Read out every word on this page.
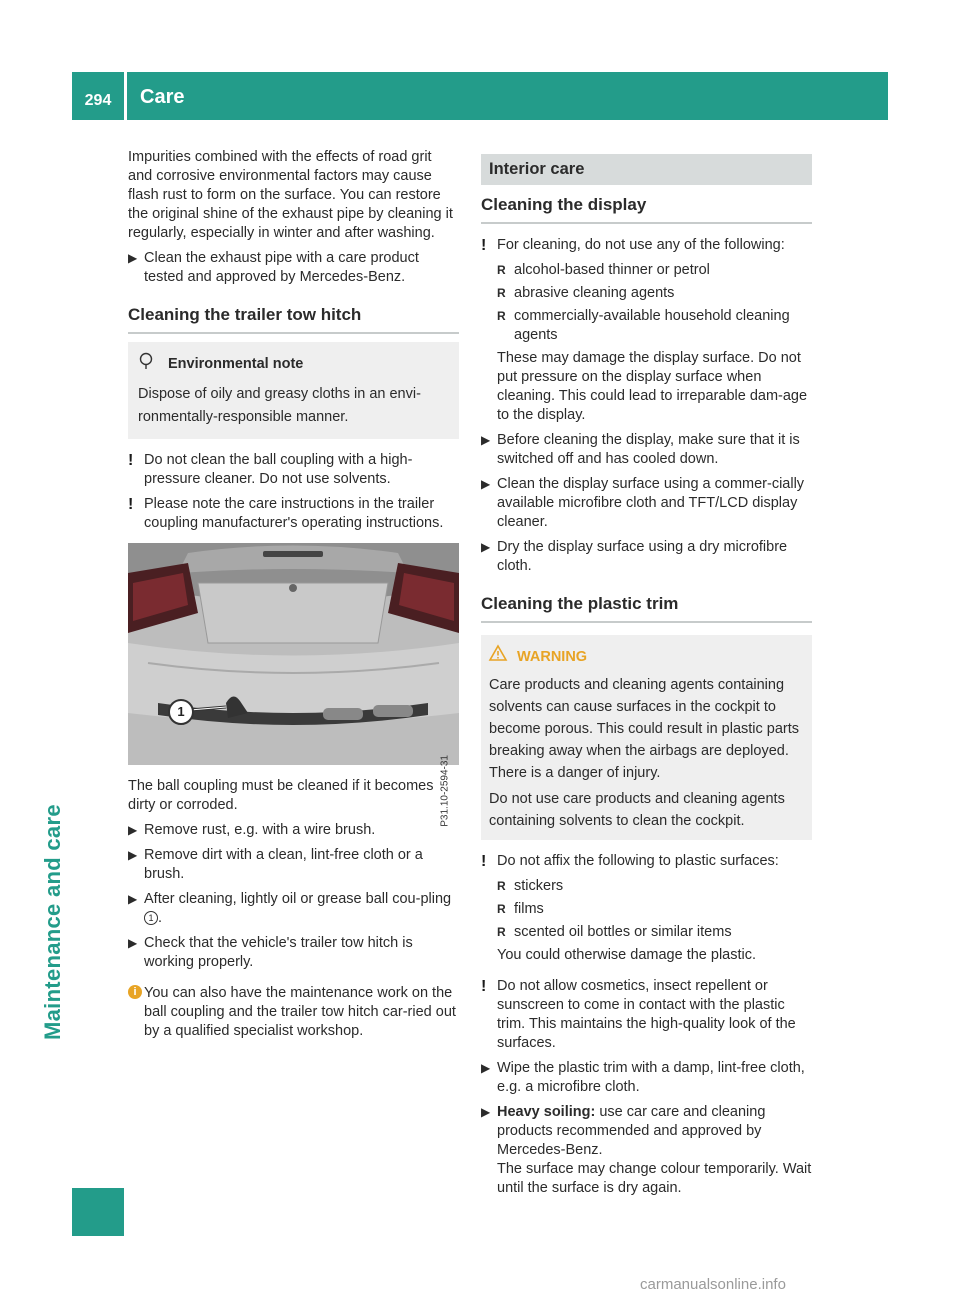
294	Care
Maintenance and care

Impurities combined with the effects of road grit and corrosive environmental factors may cause flash rust to form on the surface. You can restore the original shine of the exhaust pipe by cleaning it regularly, especially in winter and after washing.

▶ Clean the exhaust pipe with a care product tested and approved by Mercedes-Benz.
Cleaning the trailer tow hitch
Environmental note
Dispose of oily and greasy cloths in an envi-ronmentally-responsible manner.
! Do not clean the ball coupling with a high-pressure cleaner. Do not use solvents.
! Please note the care instructions in the trailer coupling manufacturer's operating instructions.
1
P31.10-2594-31

The ball coupling must be cleaned if it becomes dirty or corroded.

▶ Remove rust, e.g. with a wire brush.
▶ Remove dirt with a clean, lint-free cloth or a brush.
▶ After cleaning, lightly oil or grease ball cou-pling 1 .
▶ Check that the vehicle's trailer tow hitch is working properly.
i You can also have the maintenance work on the ball coupling and the trailer tow hitch car-ried out by a qualified specialist workshop.
Interior care
Cleaning the display
! For cleaning, do not use any of the following:
R alcohol-based thinner or petrol
R abrasive cleaning agents
R commercially-available household cleaning agents

These may damage the display surface. Do not put pressure on the display surface when cleaning. This could lead to irreparable dam-age to the display.

▶ Before cleaning the display, make sure that it is switched off and has cooled down.
▶ Clean the display surface using a commer-cially available microfibre cloth and TFT/LCD display cleaner.
▶ Dry the display surface using a dry microfibre cloth.
Cleaning the plastic trim
WARNING

Care products and cleaning agents containing solvents can cause surfaces in the cockpit to become porous. This could result in plastic parts breaking away when the airbags are deployed. There is a danger of injury.

Do not use care products and cleaning agents containing solvents to clean the cockpit.

! Do not affix the following to plastic surfaces:
R stickers
R films
R scented oil bottles or similar items

You could otherwise damage the plastic.

! Do not allow cosmetics, insect repellent or sunscreen to come in contact with the plastic trim. This maintains the high-quality look of the surfaces.
▶ Wipe the plastic trim with a damp, lint-free cloth, e.g. a microfibre cloth.
▶ Heavy soiling: use car care and cleaning products recommended and approved by Mercedes-Benz.
The surface may change colour temporarily. Wait until the surface is dry again.
carmanualsonline.info
